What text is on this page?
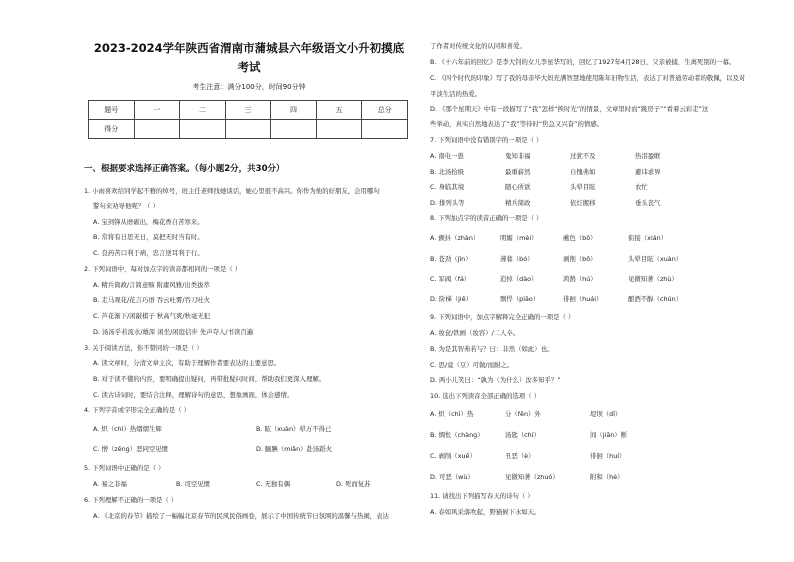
2023-2024学年陕西省渭南市蒲城县六年级语文小升初摸底
考试
考生注意：满分100分，时间90分钟
题号	一	二	三	四	五	总分
得分						
一、根据要求选择正确答案。（每小题2分，共30分）
1. 小雨喜欢给同学起不雅的绰号，班主任老师找她谈话，她心里很不高兴。你作为他的好朋友，会用哪句
警句来劝导他呢？（ ）
A. 宝剑锋从磨砺出，梅花香自苦寒来。
B. 常将有日思无日，莫把无时当有时。
C. 良药苦口利于病，忠言逆耳利于行。
2. 下列词语中，每对加点字的读音都相同的一项是（ ）
A. 精兵简政/言简意赅 附庸风雅/出类拔萃
B. 走马观花/花言巧语 吞云吐雾/吞刀吐火
C. 芦花渐下/闲敲棋子 秋高气爽/秋毫无犯
D. 汤汤乎若流水/雄浑 闲坐/闲庭信步 先声夺人/书读百遍
3. 关于阅读方法，你不赞同的一项是（ ）
A. 读文章时，分清文章主次，有助于理解作者要表达的主要意思。
B. 对于读不懂的内容，要明确提出疑问，再带批疑问时间，帮助我们更深入理解。
C. 读古诗词时，要结合注释，理解诗句的意思，想象画面，体会感情。
4. 下列字音或字形完全正确的是（ ）
A. 炽（chì）热熠熠生辉	B. 眩（xuàn）晕万不得已
C. 憎（zēng）恶同空见惯	D. 腼腆（miǎn）赴汤蹈火
5. 下列词语中正确的是（ ）
A. 易之非福	B. 司空见惯	C. 无独有偶	D. 死而复苏
6. 下列理解不正确的一项是（ ）
A. 《北京的春节》描绘了一幅幅北京春节的民风民俗画卷，展示了中国传统节日氛围的温馨与热闹，表达
了作者对传统文化的认同和喜爱。
B. 《十六年前的回忆》是李大钊的女儿李星华写的，回忆了1927年4月28日，父亲被捕，生离死别的一幕。
C. 《四个时代的印象》写了我的母亲毕大妈充满智慧地使用陈年旧物生活，表达了对普通劳动者的敬佩，以及对
平淡生活的热爱。
D. 《那个星期天》中有一段描写了“我”怎样“挨时光”的情景，文章里时而“跳房子”“看着云彩走”这
些举动，真实自然地表达了“我”等待时“焦急又兴奋”的情感。
7. 下列词语中没有错别字的一项是（ ）
A. 南电一愚	鬼知非福	过犹不及	热泪盈眶
B. 北汤拾级	最重崭然	自愧弗如	避讳求界
C. 身临其境	随心所欲	头晕目眩	农忙
D. 排列头等	精兵简政	依灯搬移	垂头丧气
8. 下列加点字的读音正确的一项是（ ）
A. 颤抖（zhàn）	明媚（mèi）	蘸色（bō）	衔接（xián）
B. 苍劲（jìn）	薄暮（bó）	剥削（bō）	头晕目眩（xuàn）
C. 军阀（fá）	追悼（dào）	鸿鹄（hú）	见微知著（zhù）
D. 阶梯（jiē）	剽悍（piāo）	徘徊（huái）	酿酒不醇（chún）
9. 下列词语中，加点字解释完全正确的一项是（ ）
A. 妆奁/铁画（妆容）/二人卒。
B. 为是其智弗若与？曰：非然（如此）也。
C. 思/竟（豆）可做/而耐之。
D. 两小儿笑曰：“孰为（为什么）汝多知乎？”
10. 选出下列读音全部正确的选项（ ）
A. 炽（chì）热	分（fēn）外	堤坝（dī）
B. 惆怅（chàng）	汤匙（chí）	间（jiān）断
C. 剥削（xuē）	丑恶（è）	徘徊（huí）
D. 可恶（wù）	见微知著（zhuó）	附和（hè）
11. 请找出下列描写春天的诗句（ ）
A. 春如风采落吹起，野猫候下水如天。
